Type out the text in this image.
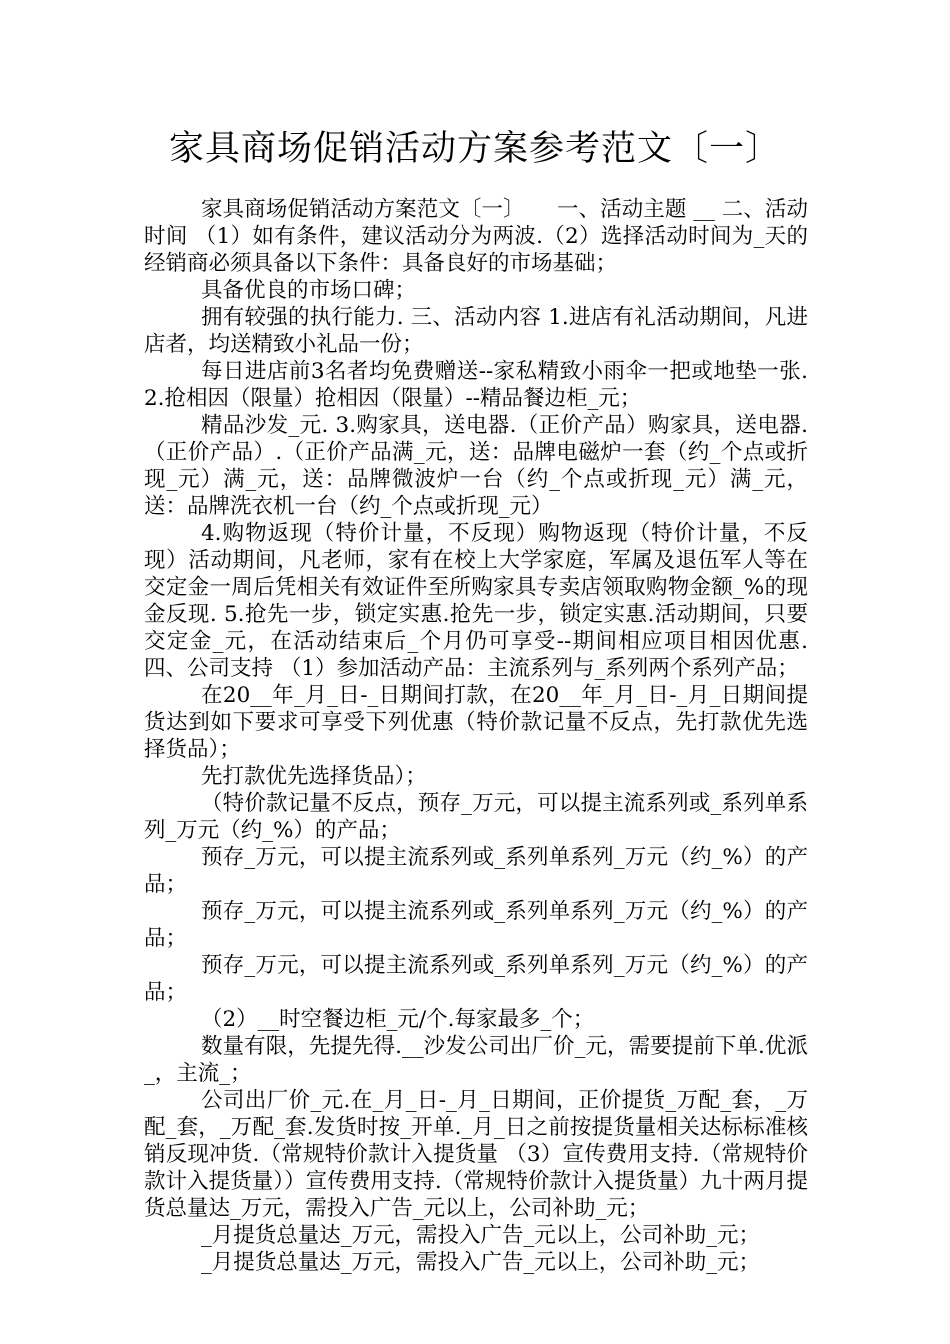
家具商场促销活动方案参考范文〔一〕

家具商场促销活动方案范文〔一〕　　一、活动主题 __ 二、活动时间 （1）如有条件，建议活动分为两波.（2）选择活动时间为_天的经销商必须具备以下条件：具备良好的市场基础；

具备优良的市场口碑；

拥有较强的执行能力. 三、活动内容 1.进店有礼活动期间，凡进店者，均送精致小礼品一份；

每日进店前3名者均免费赠送--家私精致小雨伞一把或地垫一张. 2.抢相因（限量）抢相因（限量）--精品餐边柜_元；

精品沙发_元. 3.购家具，送电器.（正价产品）购家具，送电器.（正价产品）.（正价产品满_元，送：品牌电磁炉一套（约_个点或折现_元）满_元，送：品牌微波炉一台（约_个点或折现_元）满_元，送：品牌洗衣机一台（约_个点或折现_元）

4.购物返现（特价计量，不反现）购物返现（特价计量，不反现）活动期间，凡老师，家有在校上大学家庭，军属及退伍军人等在交定金一周后凭相关有效证件至所购家具专卖店领取购物金额_%的现金反现. 5.抢先一步，锁定实惠.抢先一步，锁定实惠.活动期间，只要交定金_元，在活动结束后_个月仍可享受--期间相应项目相因优惠. 四、公司支持 （1）参加活动产品：主流系列与_系列两个系列产品；

在20__年_月_日-_日期间打款，在20__年_月_日-_月_日期间提货达到如下要求可享受下列优惠（特价款记量不反点，先打款优先选择货品）；

先打款优先选择货品）；

（特价款记量不反点，预存_万元，可以提主流系列或_系列单系列_万元（约_%）的产品；

预存_万元，可以提主流系列或_系列单系列_万元（约_%）的产品；

预存_万元，可以提主流系列或_系列单系列_万元（约_%）的产品；

预存_万元，可以提主流系列或_系列单系列_万元（约_%）的产品；

（2）__时空餐边柜_元/个.每家最多_个；

数量有限，先提先得.__沙发公司出厂价_元，需要提前下单.优派_，主流_；

公司出厂价_元.在_月_日-_月_日期间，正价提货_万配_套，_万配_套，_万配_套.发货时按_开单._月_日之前按提货量相关达标标准核销反现冲货.（常规特价款计入提货量 （3）宣传费用支持.（常规特价款计入提货量））宣传费用支持.（常规特价款计入提货量）九十两月提货总量达_万元，需投入广告_元以上，公司补助_元；

_月提货总量达_万元，需投入广告_元以上，公司补助_元；

_月提货总量达_万元，需投入广告_元以上，公司补助_元；
